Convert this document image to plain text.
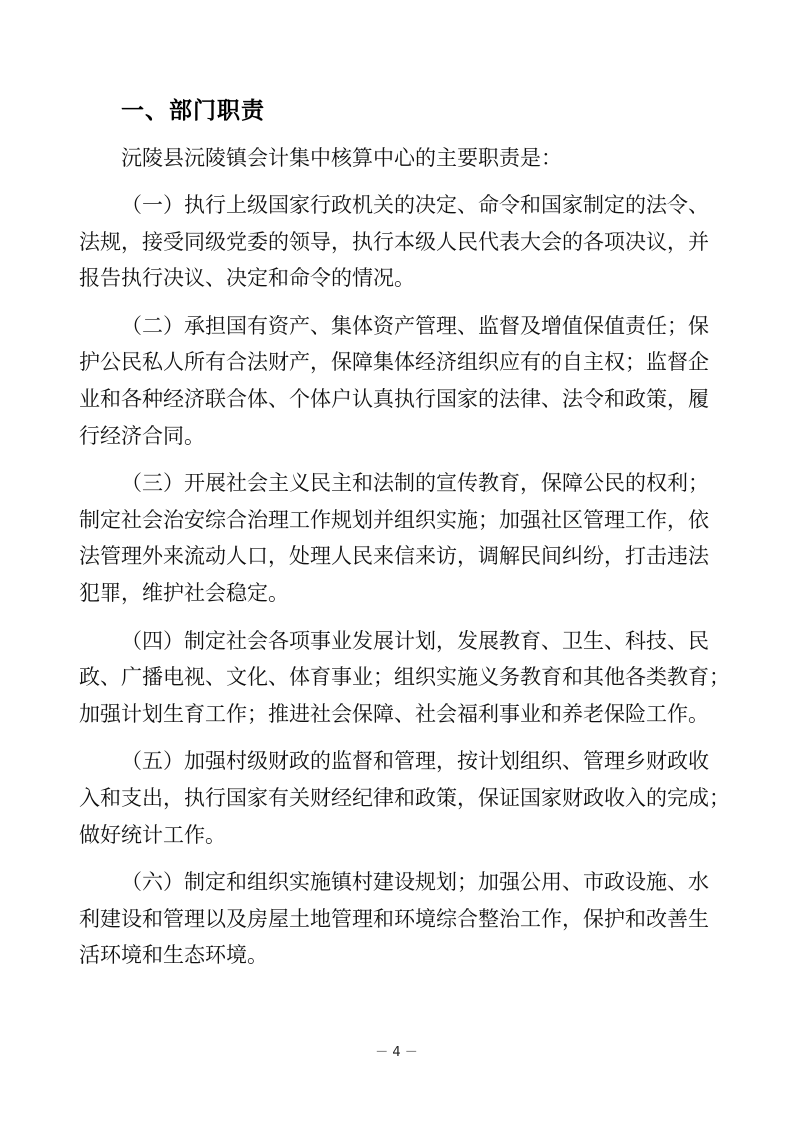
一、部门职责

沅陵县沅陵镇会计集中核算中心的主要职责是：

（一）执行上级国家行政机关的决定、命令和国家制定的法令、
法规，接受同级党委的领导，执行本级人民代表大会的各项决议，并
报告执行决议、决定和命令的情况。

（二）承担国有资产、集体资产管理、监督及增值保值责任；保
护公民私人所有合法财产，保障集体经济组织应有的自主权；监督企
业和各种经济联合体、个体户认真执行国家的法律、法令和政策，履
行经济合同。

（三）开展社会主义民主和法制的宣传教育，保障公民的权利；
制定社会治安综合治理工作规划并组织实施；加强社区管理工作，依
法管理外来流动人口，处理人民来信来访，调解民间纠纷，打击违法
犯罪，维护社会稳定。

（四）制定社会各项事业发展计划，发展教育、卫生、科技、民
政、广播电视、文化、体育事业；组织实施义务教育和其他各类教育；
加强计划生育工作；推进社会保障、社会福利事业和养老保险工作。

（五）加强村级财政的监督和管理，按计划组织、管理乡财政收
入和支出，执行国家有关财经纪律和政策，保证国家财政收入的完成；
做好统计工作。

（六）制定和组织实施镇村建设规划；加强公用、市政设施、水
利建设和管理以及房屋土地管理和环境综合整治工作，保护和改善生
活环境和生态环境。

－ 4 －
